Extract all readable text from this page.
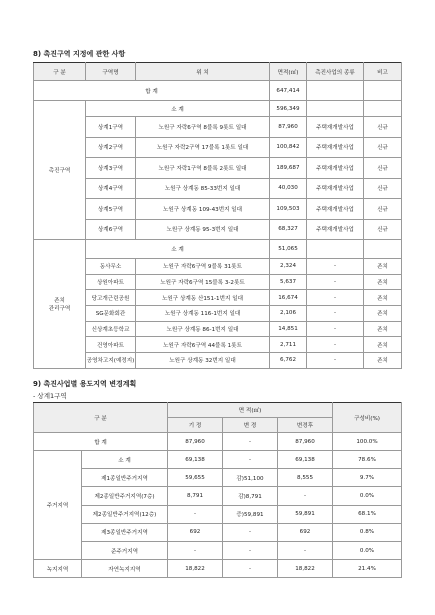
8) 촉진구역 지정에 관한 사항
구 분	구역명	위 치	면적(㎡)	촉진사업의 종류	비고
합 계			647,414		
촉진구역	소 계		596,349		
	상계1구역	노원구 자락6구역 8블록 9롯트 일대	87,960	주택재개발사업	신규
	상계2구역	노원구 자락2구역 17블록 1롯트 일대	100,842	주택재개발사업	신규
	상계3구역	노원구 자락1구역 8블록 2롯트 일대	189,687	주택재개발사업	신규
	상계4구역	노원구 상계동 85-33번지 일대	40,030	주택재개발사업	신규
	상계5구역	노원구 상계동 109-43번지 일대	109,503	주택재개발사업	신규
	상계6구역	노원구 상계동 95-3번지 일대	68,327	주택재개발사업	신규
존치
관리구역	소 계		51,065		
	동사무소	노원구 자락6구역 9블록 31롯트	2,324	-	존치
	상원아파트	노원구 자락6구역 15블록 3-2롯트	5,637	-	존치
	당고개근린공원	노원구 상계동 산151-1번지 일대	16,674	-	존치
	SG문화회관	노원구 상계동 116-1번지 일대	2,106	-	존치
	신상계초등학교	노원구 상계동 86-1번지 일대	14,851	-	존치
	건영아파트	노원구 자락6구역 44블록 1롯트	2,711	-	존치
	공영차고지(예정지)	노원구 상계동 32번지 일대	6,762	-	존치
9) 촉진사업별 용도지역 변경계획
- 상계1구역
구 분		면 적(㎡)			구성비(%)
		기 정	변 경	변경후	
합 계		87,960	-	87,960	100.0%
주거지역	소 계	69,138	-	69,138	78.6%
	제1종일반주거지역	59,655	감)51,100	8,555	9.7%
	제2종일반주거지역(7층)	8,791	감)8,791	-	0.0%
	제2종일반주거지역(12층)	-	증)59,891	59,891	68.1%
	제3종일반주거지역	692	-	692	0.8%
	준주거지역	-	-	-	0.0%
녹지지역	자연녹지지역	18,822	-	18,822	21.4%
